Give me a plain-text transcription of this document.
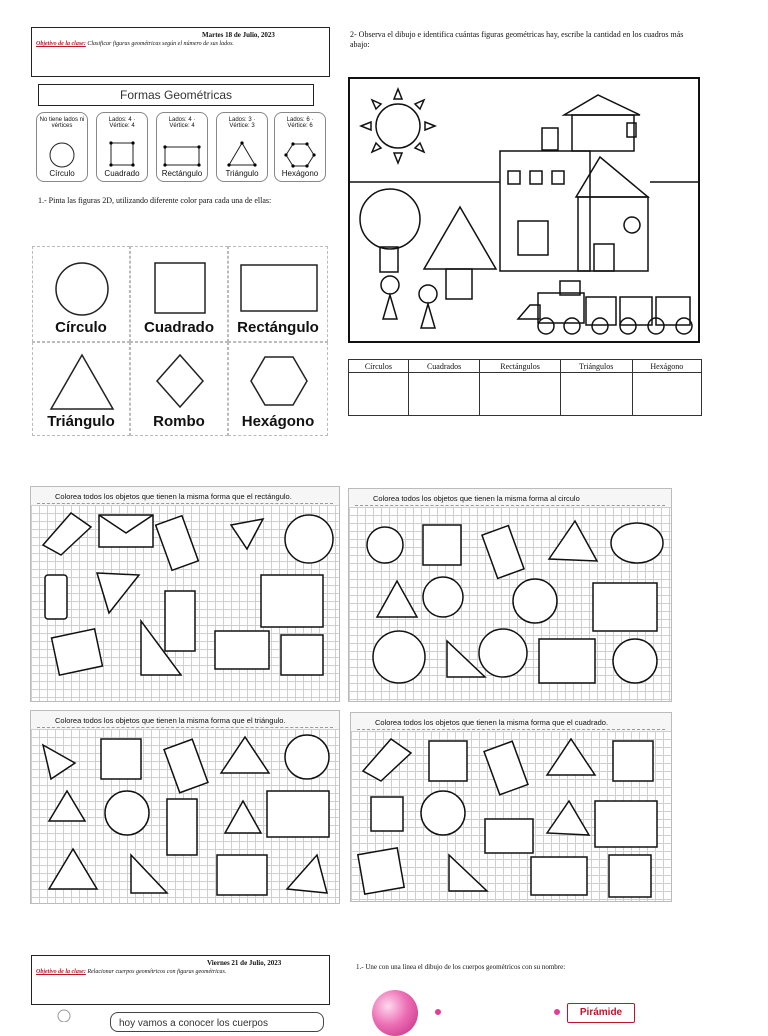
Martes 18 de Julio, 2023
Objetivo de la clase: Clasificar figuras geométricas según el número de sus lados.
Formas Geométricas
No tiene lados ni vértices
Círculo
Lados: 4 · Vértice: 4
Cuadrado
Lados: 4 · Vértice: 4
Rectángulo
Lados: 3 · Vértice: 3
Triángulo
Lados: 6 · Vértice: 6
Hexágono
1.- Pinta las figuras 2D, utilizando diferente color para cada una de ellas:
Círculo	Cuadrado	Rectángulo
Triángulo	Rombo	Hexágono
2- Observa el dibujo e identifica cuántas figuras geométricas hay, escribe la cantidad en los cuadros más abajo:
Círculos	Cuadrados	Rectángulos	Triángulos	Hexágono

Colorea todos los objetos que tienen la misma forma que el rectángulo.	Colorea todos los objetos que tienen la misma forma al circulo
Colorea todos los objetos que tienen la misma forma que el triángulo.	Colorea todos los objetos que tienen la misma forma que el cuadrado.
Viernes 21 de Julio, 2023
Objetivo de la clase: Relacionar cuerpos geométricos con figuras geométricas.
1.- Une con una línea el dibujo de los cuerpos geométricos con su nombre:
hoy vamos a conocer los cuerpos
Pirámide
